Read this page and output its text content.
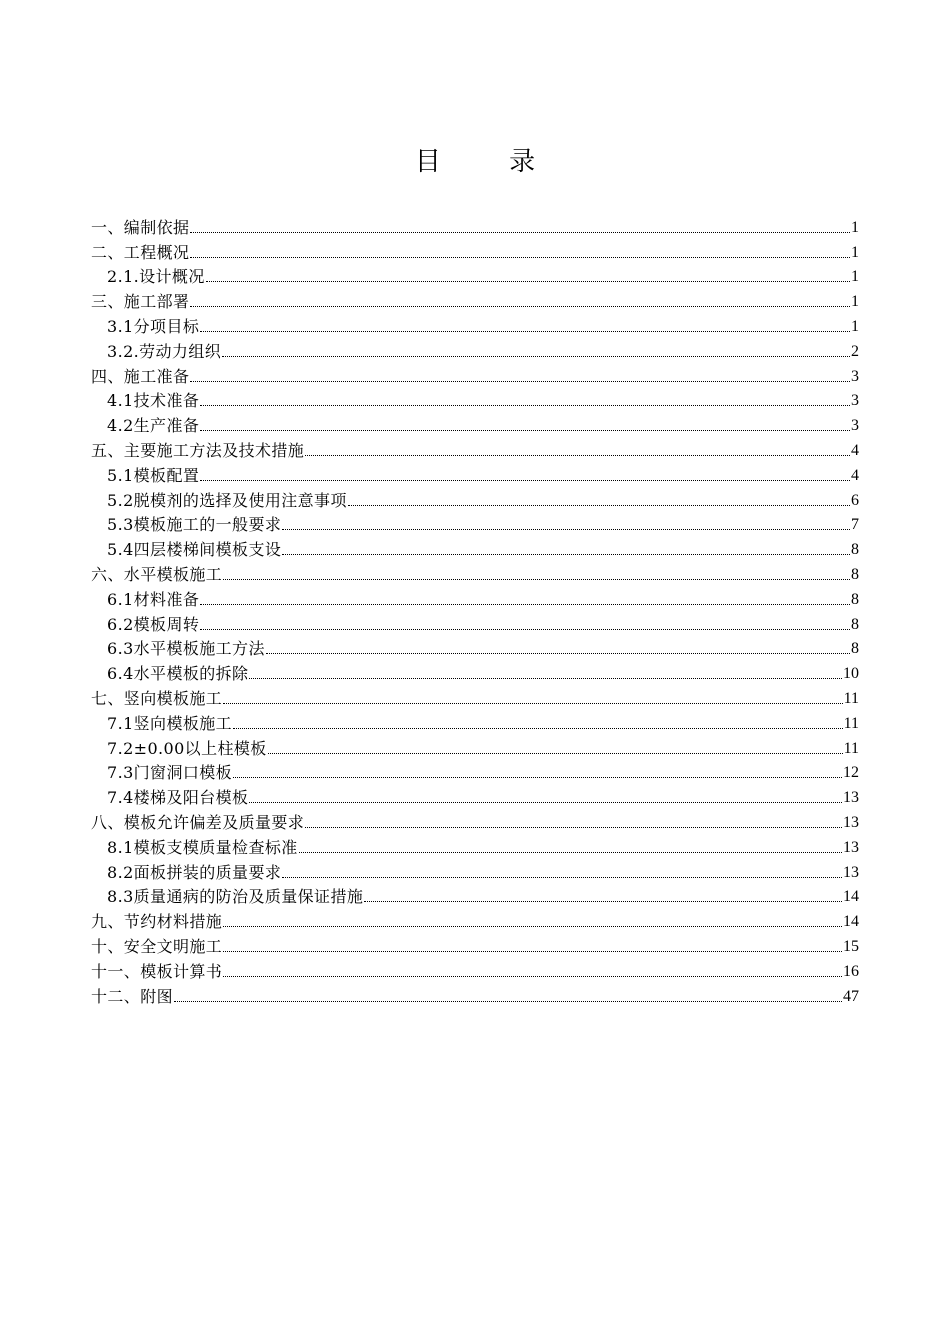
目 录
一、编制依据	1
二、工程概况	1
2.1.设计概况	1
三、施工部署	1
3.1分项目标	1
3.2.劳动力组织	2
四、施工准备	3
4.1技术准备	3
4.2生产准备	3
五、主要施工方法及技术措施	4
5.1模板配置	4
5.2脱模剂的选择及使用注意事项	6
5.3模板施工的一般要求	7
5.4四层楼梯间模板支设	8
六、水平模板施工	8
6.1材料准备	8
6.2模板周转	8
6.3水平模板施工方法	8
6.4水平模板的拆除	10
七、竖向模板施工	11
7.1竖向模板施工	11
7.2±0.00以上柱模板	11
7.3门窗洞口模板	12
7.4楼梯及阳台模板	13
八、模板允许偏差及质量要求	13
8.1模板支模质量检查标准	13
8.2面板拼装的质量要求	13
8.3质量通病的防治及质量保证措施	14
九、节约材料措施	14
十、安全文明施工	15
十一、模板计算书	16
十二、附图	47
